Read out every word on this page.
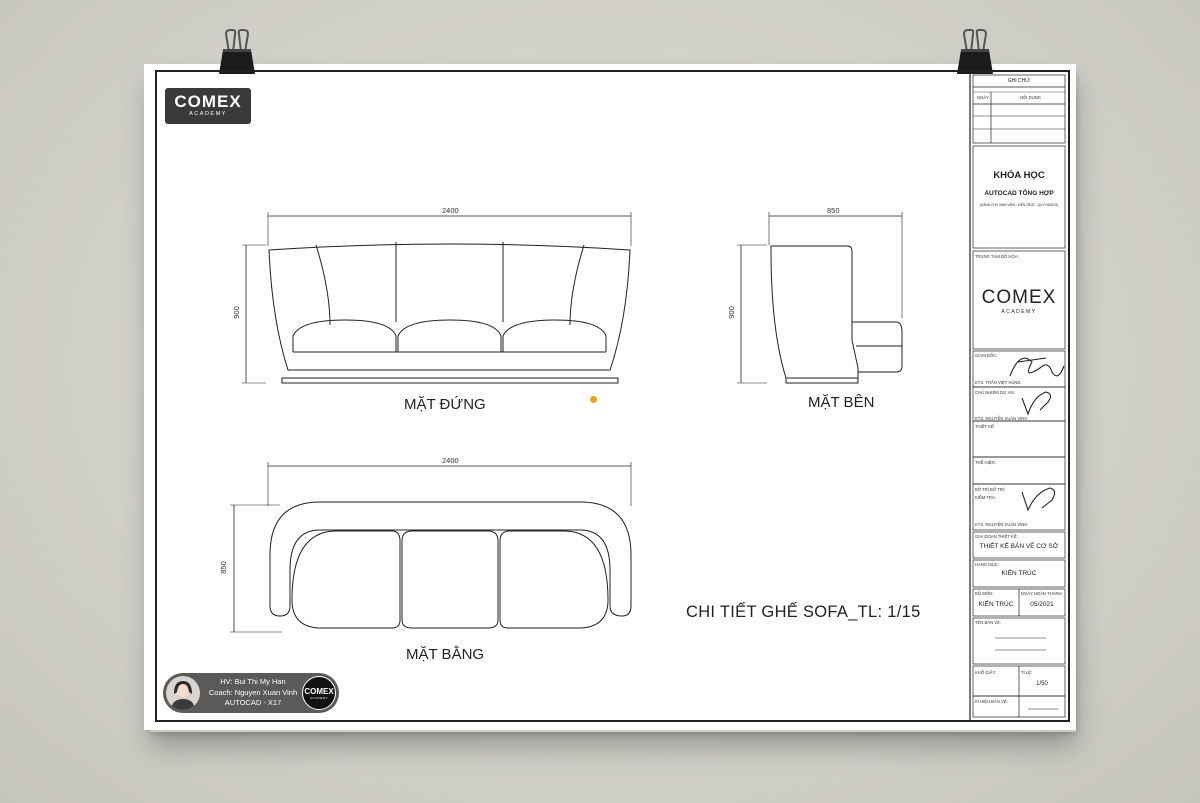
COMEX
ACADEMY
2400
900
850
900
2400
850
MẶT ĐỨNG	MẶT BÊN
MẶT BẰNG
CHI TIẾT GHẾ SOFA_TL: 1/15
HV: Bui Thi My Han
Coach: Nguyen Xuan Vinh
AUTOCAD - X17
COMEX
ACADEMY
GHI CHÚ:
NGÀY	NỘI DUNG
KHÓA HỌC
AUTOCAD TỔNG HỢP
(DÀNH CHO SINH VIÊN - KIẾN TRÚC - QUY HOẠCH)
TRUNG TÂM ĐỒ HỌA:
COMEX
ACADEMY
GIÁM ĐỐC:
KTS. TRẦN VIỆT HÙNG
CHỦ NHIỆM DỰ ÁN:
KTS. NGUYỄN XUÂN VINH
THIẾT KẾ:
THỂ HIỆN:
BỘ TRÌ BỐ TRÍ:
KIỂM TRA:
KTS. NGUYỄN XUÂN VINH
GIAI ĐOẠN THIẾT KẾ:
THIẾT KẾ BẢN VẼ CƠ SỞ
HẠNG MỤC:
KIẾN TRÚC
BỘ MÔN:
KIẾN TRÚC
NGÀY HOÀN THÀNH:
05/2021
TÊN BẢN VẼ:
KHỔ GIẤY:	TỈ LỆ:
1/50
KÍ HIỆU BẢN VẼ:
